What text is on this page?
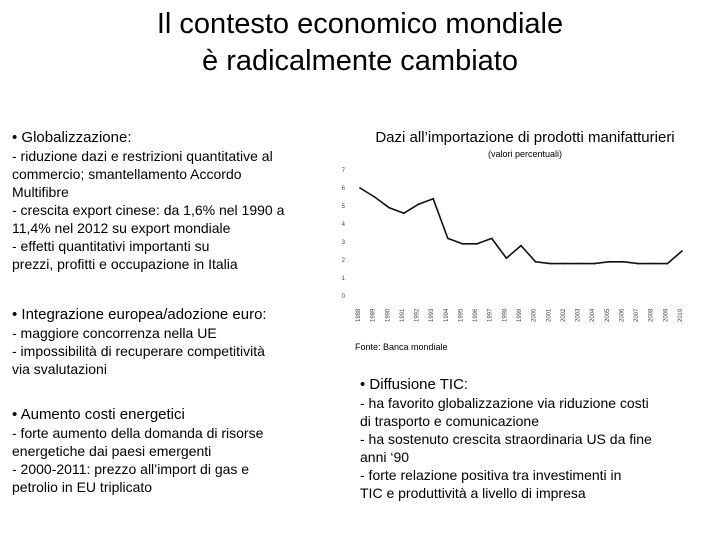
Il contesto economico mondiale
è radicalmente cambiato
• Globalizzazione:
- riduzione dazi e restrizioni quantitative al
commercio; smantellamento Accordo
Multifibre
- crescita export cinese: da 1,6% nel 1990 a
11,4% nel 2012 su export mondiale
- effetti quantitativi importanti su
prezzi, profitti e occupazione in Italia
• Integrazione europea/adozione euro:
- maggiore concorrenza nella UE
- impossibilità di recuperare competitività
via svalutazioni
• Aumento costi energetici
- forte aumento della domanda di risorse
energetiche dai paesi emergenti
- 2000-2011: prezzo all’import di gas e
petrolio in EU triplicato
Dazi all’importazione di prodotti manifatturieri
(valori percentuali)
0
1
2
3
4
5
6
7
1988 1989 1990 1991 1992 1993 1994 1995 1996 1997 1998 1999 2000 2001 2002 2003 2004 2005 2006 2007 2008 2009 2010
Fonte: Banca mondiale
• Diffusione TIC:
- ha favorito globalizzazione via riduzione costi
di trasporto e comunicazione
- ha sostenuto crescita straordinaria US da fine
anni ‘90
- forte relazione positiva tra investimenti in
TIC e produttività a livello di impresa
